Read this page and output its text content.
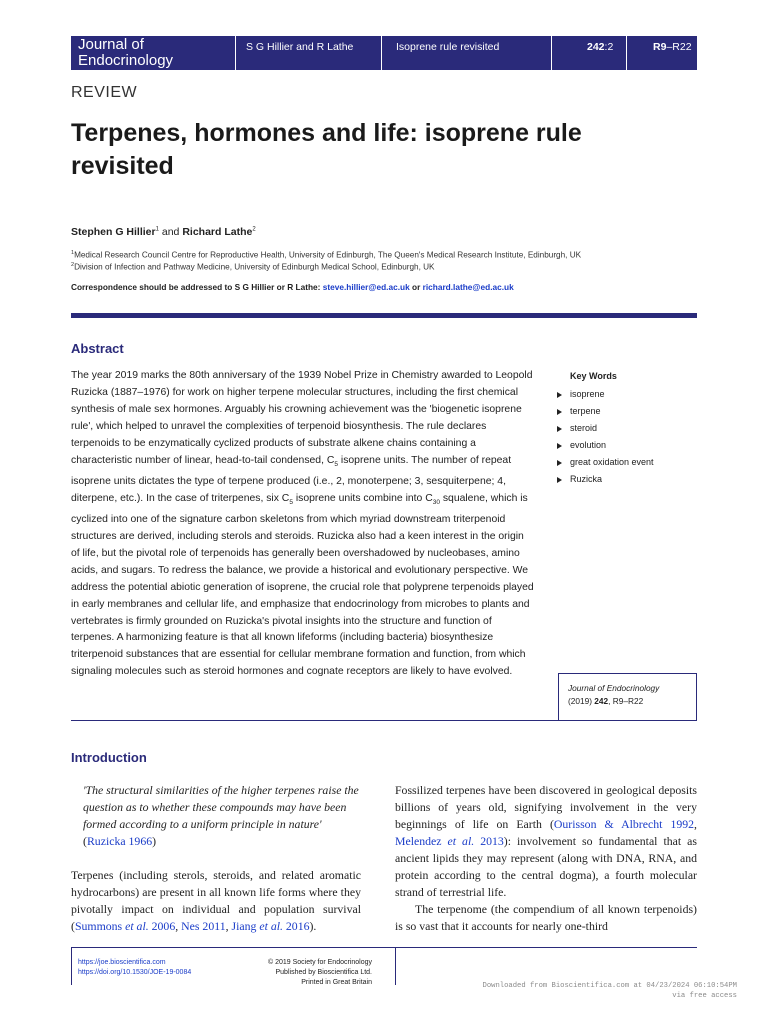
Journal of
Endocrinology
S G Hillier and R Lathe	Isoprene rule revisited	242:2	R9–R22
REVIEW
Terpenes, hormones and life: isoprene rule revisited
Stephen G Hillier$^1$ and Richard Lathe$^2$
$^1$Medical Research Council Centre for Reproductive Health, University of Edinburgh, The Queen's Medical Research Institute, Edinburgh, UK
$^2$Division of Infection and Pathway Medicine, University of Edinburgh Medical School, Edinburgh, UK
Correspondence should be addressed to S G Hillier or R Lathe: steve.hillier@ed.ac.uk or richard.lathe@ed.ac.uk
Abstract

The year 2019 marks the 80th anniversary of the 1939 Nobel Prize in Chemistry awarded to Leopold Ruzicka (1887–1976) for work on higher terpene molecular structures, including the first chemical synthesis of male sex hormones. Arguably his crowning achievement was the 'biogenetic isoprene rule', which helped to unravel the complexities of terpenoid biosynthesis. The rule declares terpenoids to be enzymatically cyclized products of substrate alkene chains containing a characteristic number of linear, head-to-tail condensed, $C_5$ isoprene units. The number of repeat isoprene units dictates the type of terpene produced (i.e., 2, monoterpene; 3, sesquiterpene; 4, diterpene, etc.). In the case of triterpenes, six $C_5$ isoprene units combine into $C_{30}$ squalene, which is cyclized into one of the signature carbon skeletons from which myriad downstream triterpenoid structures are derived, including sterols and steroids. Ruzicka also had a keen interest in the origin of life, but the pivotal role of terpenoids has generally been overshadowed by nucleobases, amino acids, and sugars. To redress the balance, we provide a historical and evolutionary perspective. We address the potential abiotic generation of isoprene, the crucial role that polyprene terpenoids played in early membranes and cellular life, and emphasize that endocrinology from microbes to plants and vertebrates is firmly grounded on Ruzicka's pivotal insights into the structure and function of terpenes. A harmonizing feature is that all known lifeforms (including bacteria) biosynthesize triterpenoid substances that are essential for cellular membrane formation and function, from which signaling molecules such as steroid hormones and cognate receptors are likely to have evolved.

Key Words
isoprene
terpene
steroid
evolution
great oxidation event
Ruzicka
Journal of Endocrinology
(2019) 242, R9–R22
Introduction
'The structural similarities of the higher terpenes raise the question as to whether these compounds may have been formed according to a uniform principle in nature' (Ruzicka 1966)

Terpenes (including sterols, steroids, and related aromatic hydrocarbons) are present in all known life forms where they pivotally impact on individual and population survival (Summons et al. 2006, Nes 2011, Jiang et al. 2016).

Fossilized terpenes have been discovered in geological deposits billions of years old, signifying involvement in the very beginnings of life on Earth (Ourisson & Albrecht 1992, Melendez et al. 2013): involvement so fundamental that as ancient lipids they may represent (along with DNA, RNA, and protein according to the central dogma), a fourth molecular strand of terrestrial life.

The terpenome (the compendium of all known terpenoids) is so vast that it accounts for nearly one-third

https://joe.bioscientifica.com
https://doi.org/10.1530/JOE-19-0084
© 2019 Society for Endocrinology
Published by Bioscientifica Ltd.
Printed in Great Britain	Downloaded from Bioscientifica.com at 04/23/2024 06:10:54PM
via free access
